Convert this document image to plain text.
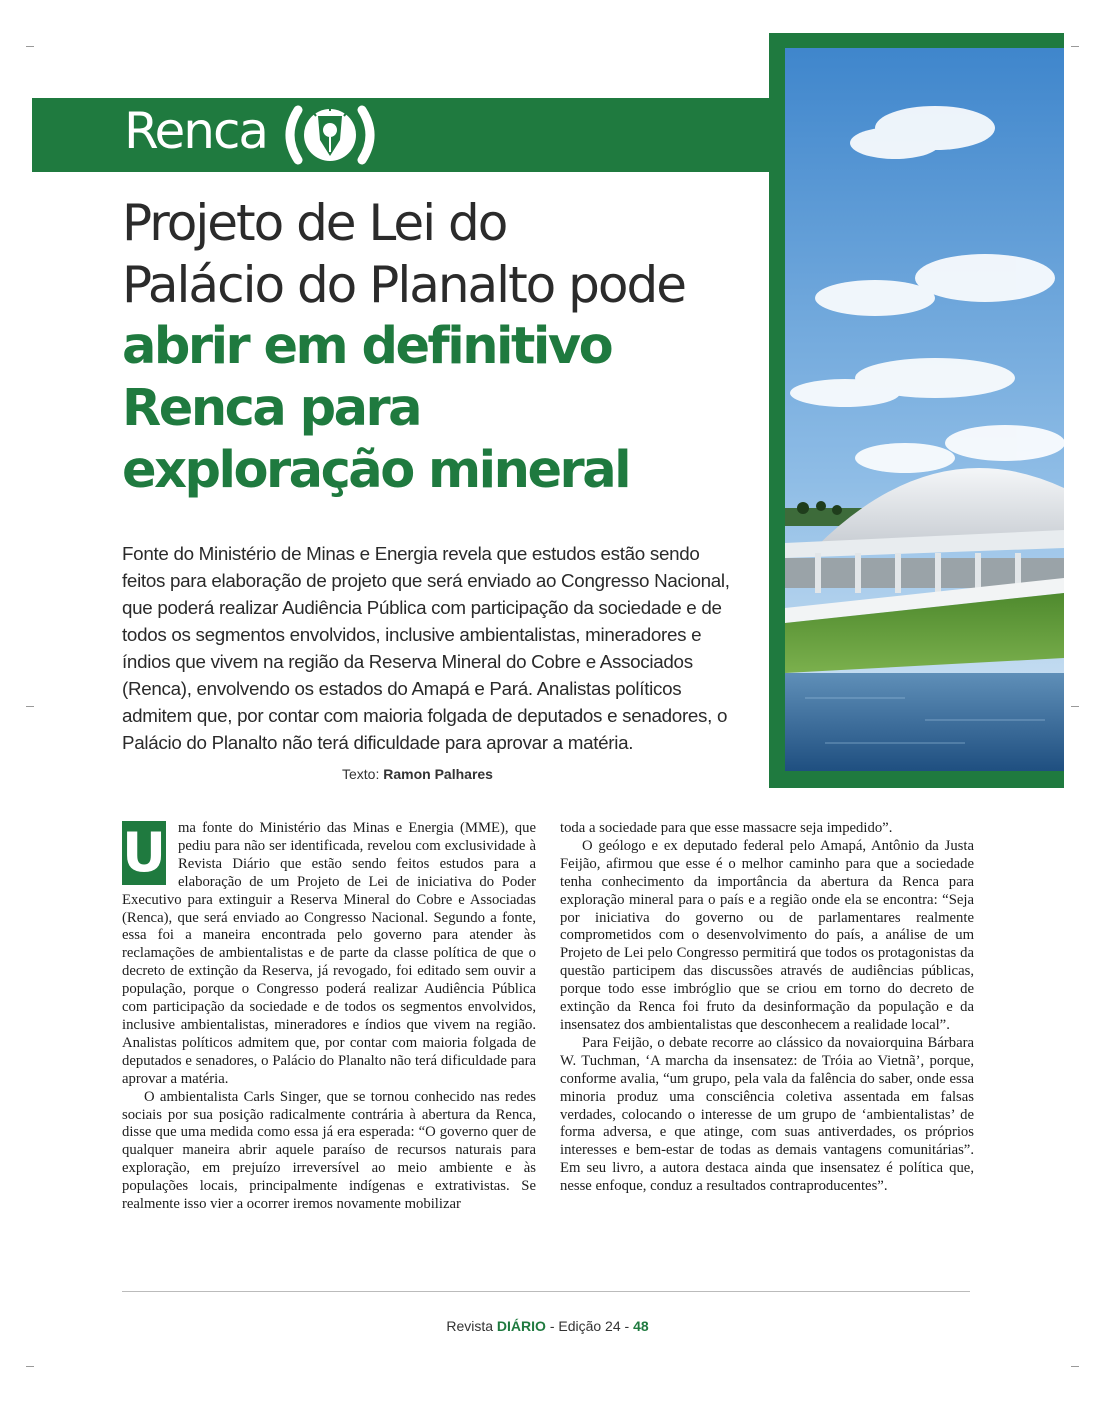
Renca
Projeto de Lei do
Palácio do Planalto pode
abrir em definitivo
Renca para
exploração mineral
Fonte do Ministério de Minas e Energia revela que estudos estão sendo feitos para elaboração de projeto que será enviado ao Congresso Nacional, que poderá realizar Audiência Pública com participação da sociedade e de todos os segmentos envolvidos, inclusive ambientalistas, mineradores e índios que vivem na região da Reserva Mineral do Cobre e Associados (Renca), envolvendo os estados do Amapá e Pará. Analistas políticos admitem que, por contar com maioria folgada de deputados e senadores, o Palácio do Planalto não terá dificuldade para aprovar a matéria.
Texto: Ramon Palhares

U ma fonte do Ministério das Minas e Energia (MME), que pediu para não ser identificada, revelou com exclusividade à Revista Diário que estão sendo feitos estudos para a elaboração de um Projeto de Lei de iniciativa do Poder Executivo para extinguir a Reserva Mineral do Cobre e Associadas (Renca), que será enviado ao Congresso Nacional. Segundo a fonte, essa foi a maneira encontrada pelo governo para atender às reclamações de ambientalistas e de parte da classe política de que o decreto de extinção da Reserva, já revogado, foi editado sem ouvir a população, porque o Congresso poderá realizar Audiência Pública com participação da sociedade e de todos os segmentos envolvidos, inclusive ambientalistas, mineradores e índios que vivem na região. Analistas políticos admitem que, por contar com maioria folgada de deputados e senadores, o Palácio do Planalto não terá dificuldade para aprovar a matéria.

O ambientalista Carls Singer, que se tornou conhecido nas redes sociais por sua posição radicalmente contrária à abertura da Renca, disse que uma medida como essa já era esperada: “O governo quer de qualquer maneira abrir aquele paraíso de recursos naturais para exploração, em prejuízo irreversível ao meio ambiente e às populações locais, principalmente indígenas e extrativistas. Se realmente isso vier a ocorrer iremos novamente mobilizar

toda a sociedade para que esse massacre seja impedido”.

O geólogo e ex deputado federal pelo Amapá, Antônio da Justa Feijão, afirmou que esse é o melhor caminho para que a sociedade tenha conhecimento da importância da abertura da Renca para exploração mineral para o país e a região onde ela se encontra: “Seja por iniciativa do governo ou de parlamentares realmente comprometidos com o desenvolvimento do país, a análise de um Projeto de Lei pelo Congresso permitirá que todos os protagonistas da questão participem das discussões através de audiências públicas, porque todo esse imbróglio que se criou em torno do decreto de extinção da Renca foi fruto da desinformação da população e da insensatez dos ambientalistas que desconhecem a realidade local”.

Para Feijão, o debate recorre ao clássico da novaiorquina Bárbara W. Tuchman, ‘A marcha da insensatez: de Tróia ao Vietnã’, porque, conforme avalia, “um grupo, pela vala da falência do saber, onde essa minoria produz uma consciência coletiva assentada em falsas verdades, colocando o interesse de um grupo de ‘ambientalistas’ de forma adversa, e que atinge, com suas antiverdades, os próprios interesses e bem-estar de todas as demais vantagens comunitárias”. Em seu livro, a autora destaca ainda que insensatez é política que, nesse enfoque, conduz a resultados contraproducentes”.

Revista DIÁRIO - Edição 24 - 48
